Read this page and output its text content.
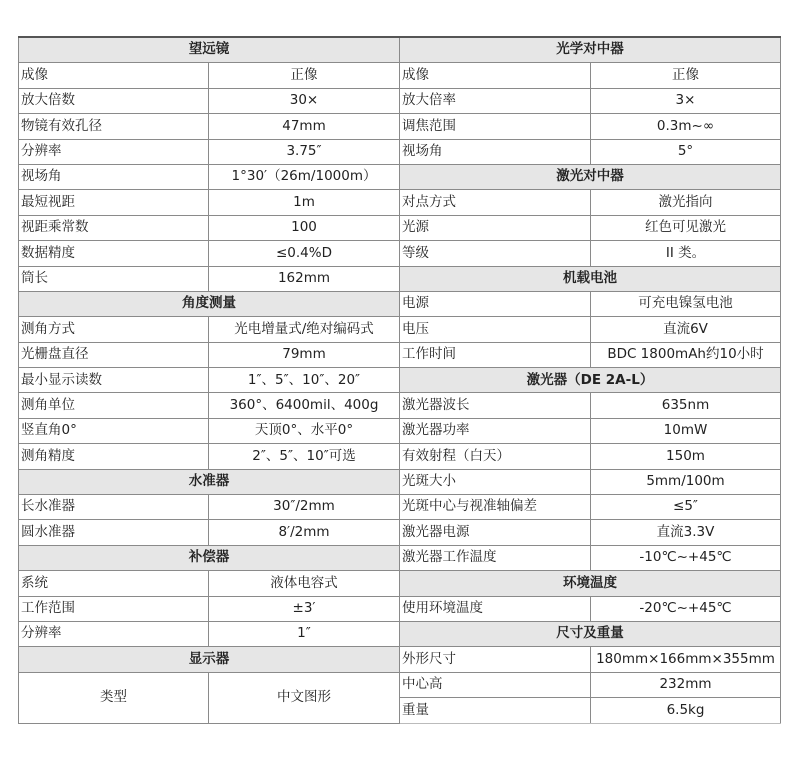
望远镜		光学对中器	
成像	正像	成像	正像
放大倍数	30×	放大倍率	3×
物镜有效孔径	47mm	调焦范围	0.3m~∞
分辨率	3.75″	视场角	5°
视场角	1°30′（26m/1000m）	激光对中器	
最短视距	1m	对点方式	激光指向
视距乘常数	100	光源	红色可见激光
数据精度	≤0.4%D	等级	II 类。
筒长	162mm	机载电池	
角度测量		电源	可充电镍氢电池
测角方式	光电增量式/绝对编码式	电压	直流6V
光栅盘直径	79mm	工作时间	BDC 1800mAh约10小时
最小显示读数	1″、5″、10″、20″	激光器（DE 2A-L）	
测角单位	360°、6400mil、400g	激光器波长	635nm
竖直角0°	天顶0°、水平0°	激光器功率	10mW
测角精度	2″、5″、10″可选	有效射程（白天）	150m
水准器		光斑大小	5mm/100m
长水准器	30″/2mm	光斑中心与视准轴偏差	≤5″
圆水准器	8′/2mm	激光器电源	直流3.3V
补偿器		激光器工作温度	-10℃~+45℃
系统	液体电容式	环境温度	
工作范围	±3′	使用环境温度	-20℃~+45℃
分辨率	1″	尺寸及重量	
显示器		外形尺寸	180mm×166mm×355mm
类型	中文图形	中心高	232mm
		重量	6.5kg
